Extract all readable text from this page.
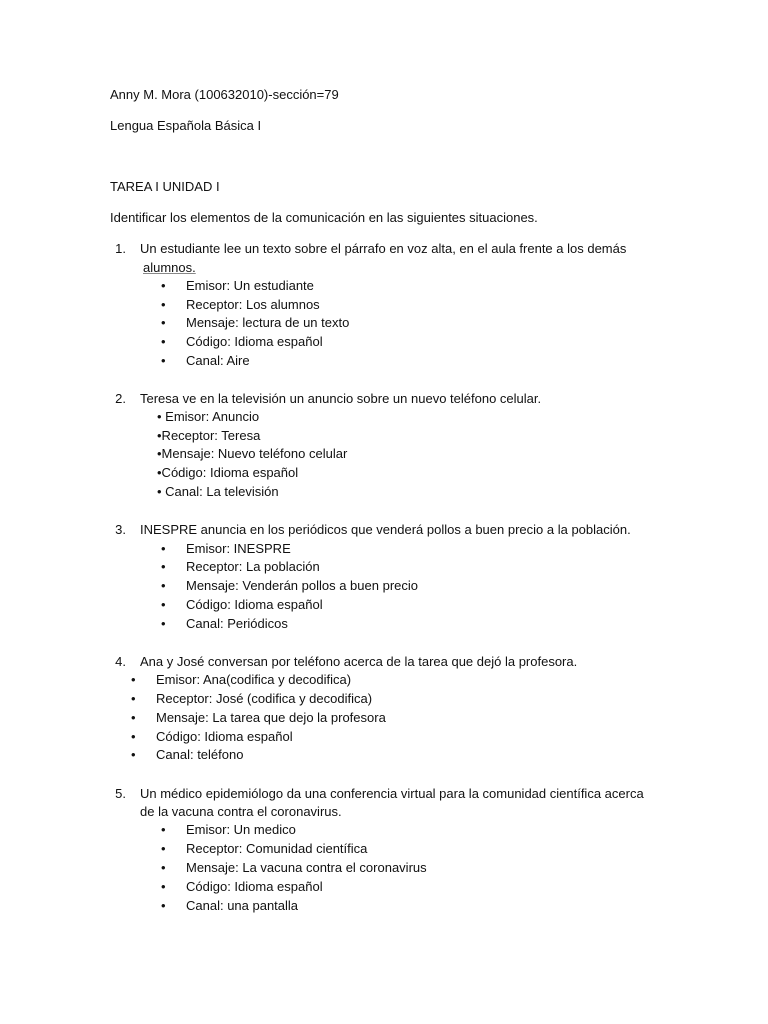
Anny M. Mora (100632010)-sección=79
Lengua Española Básica I
TAREA I UNIDAD I
Identificar los elementos de la comunicación en las siguientes situaciones.
1. Un estudiante lee un texto sobre el párrafo en voz alta, en el aula frente a los demás
alumnos.
• Emisor: Un estudiante
• Receptor: Los alumnos
• Mensaje: lectura de un texto
• Código: Idioma español
• Canal: Aire
2. Teresa ve en la televisión un anuncio sobre un nuevo teléfono celular.
• Emisor: Anuncio
•Receptor: Teresa
•Mensaje: Nuevo teléfono celular
•Código: Idioma español
• Canal: La televisión
3. INESPRE anuncia en los periódicos que venderá pollos a buen precio a la población.
• Emisor: INESPRE
• Receptor: La población
• Mensaje: Venderán pollos a buen precio
• Código: Idioma español
• Canal: Periódicos
4. Ana y José conversan por teléfono acerca de la tarea que dejó la profesora.
• Emisor: Ana(codifica y decodifica)
• Receptor: José (codifica y decodifica)
• Mensaje: La tarea que dejo la profesora
• Código: Idioma español
• Canal: teléfono
5. Un médico epidemiólogo da una conferencia virtual para la comunidad científica acerca
de la vacuna contra el coronavirus.
• Emisor: Un medico
• Receptor: Comunidad científica
• Mensaje: La vacuna contra el coronavirus
• Código: Idioma español
• Canal: una pantalla
